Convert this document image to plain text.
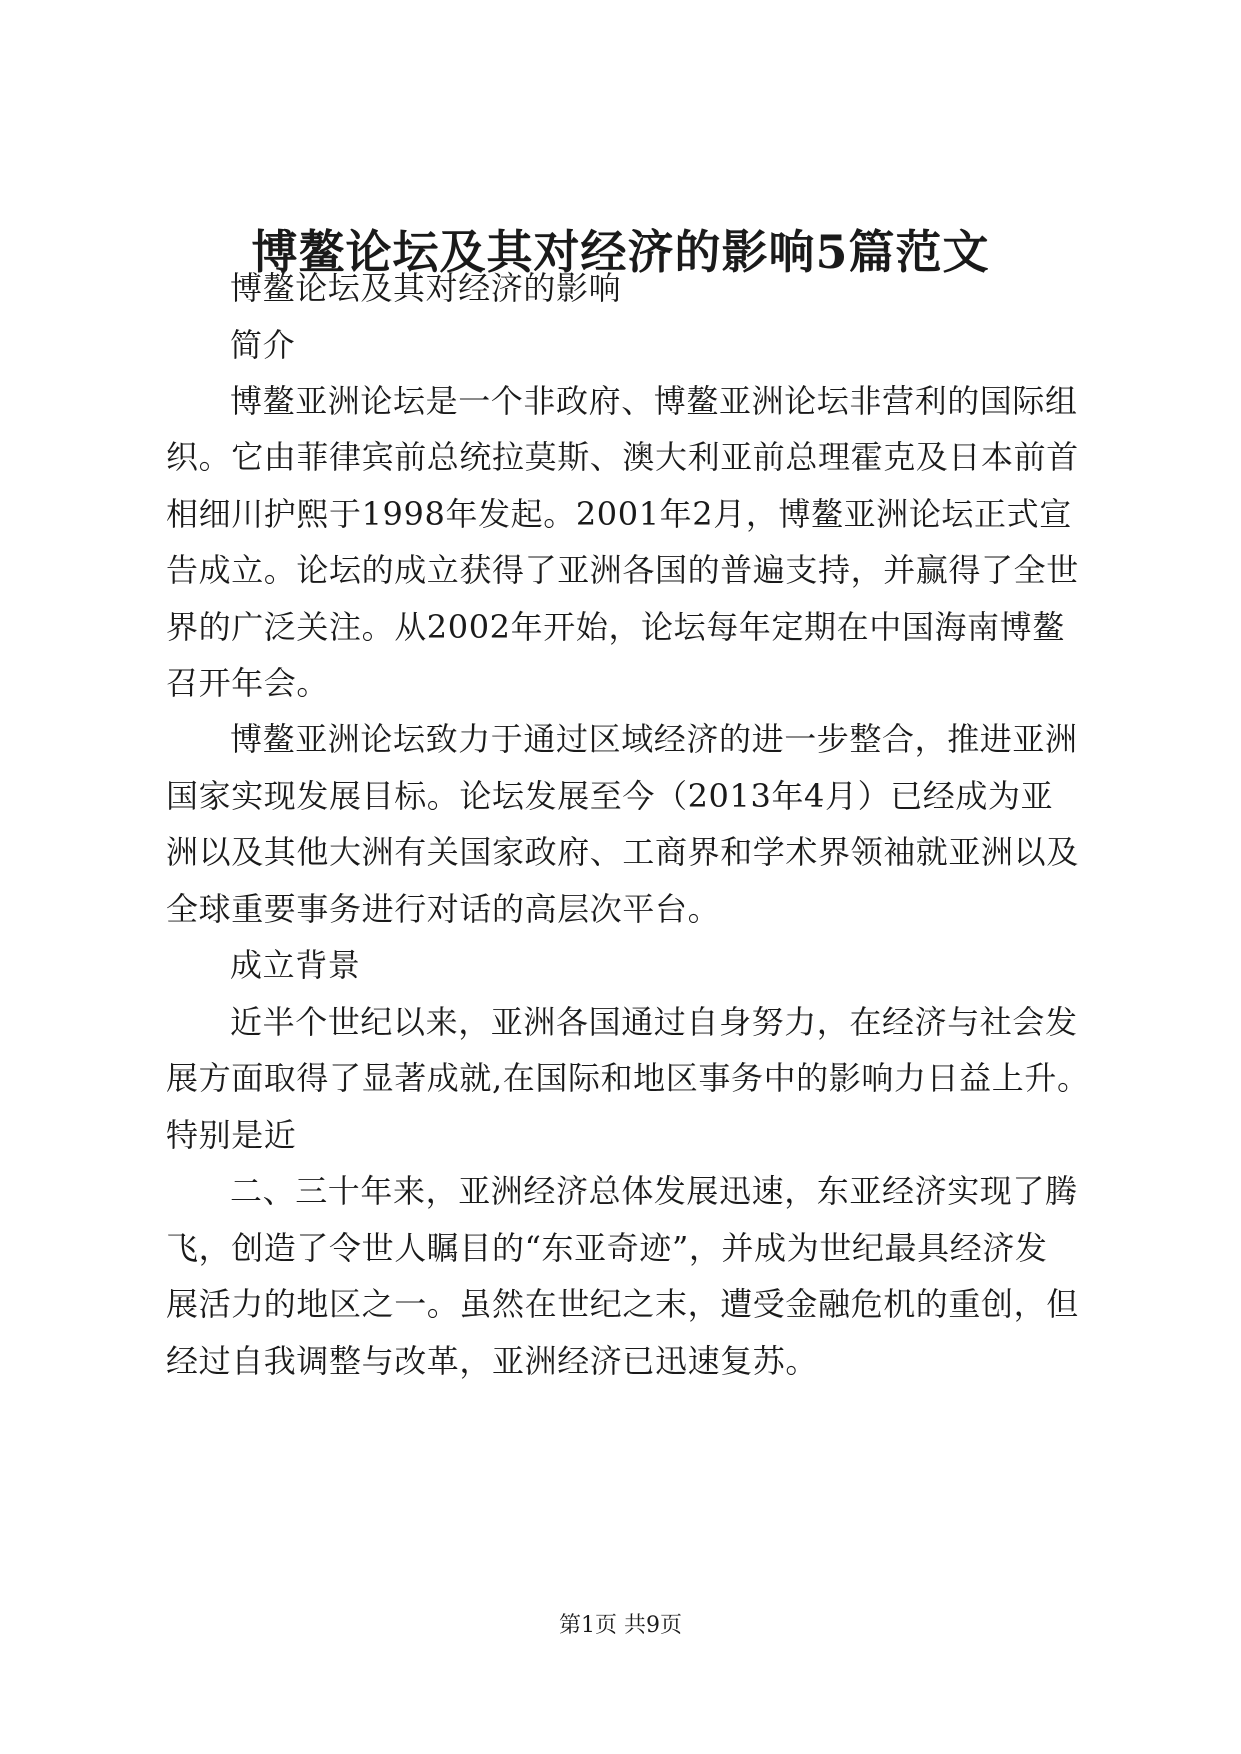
博鳌论坛及其对经济的影响5篇范文
博鳌论坛及其对经济的影响
简介
博鳌亚洲论坛是一个非政府、博鳌亚洲论坛非营利的国际组
织。它由菲律宾前总统拉莫斯、澳大利亚前总理霍克及日本前首
相细川护熙于1998年发起。2001年2月，博鳌亚洲论坛正式宣
告成立。论坛的成立获得了亚洲各国的普遍支持，并赢得了全世
界的广泛关注。从2002年开始，论坛每年定期在中国海南博鳌
召开年会。
博鳌亚洲论坛致力于通过区域经济的进一步整合，推进亚洲
国家实现发展目标。论坛发展至今（2013年4月）已经成为亚
洲以及其他大洲有关国家政府、工商界和学术界领袖就亚洲以及
全球重要事务进行对话的高层次平台。
成立背景
近半个世纪以来，亚洲各国通过自身努力，在经济与社会发
展方面取得了显著成就,在国际和地区事务中的影响力日益上升。
特别是近
二、三十年来，亚洲经济总体发展迅速，东亚经济实现了腾
飞，创造了令世人瞩目的“东亚奇迹”，并成为世纪最具经济发
展活力的地区之一。虽然在世纪之末，遭受金融危机的重创，但
经过自我调整与改革，亚洲经济已迅速复苏。
第1页 共9页
